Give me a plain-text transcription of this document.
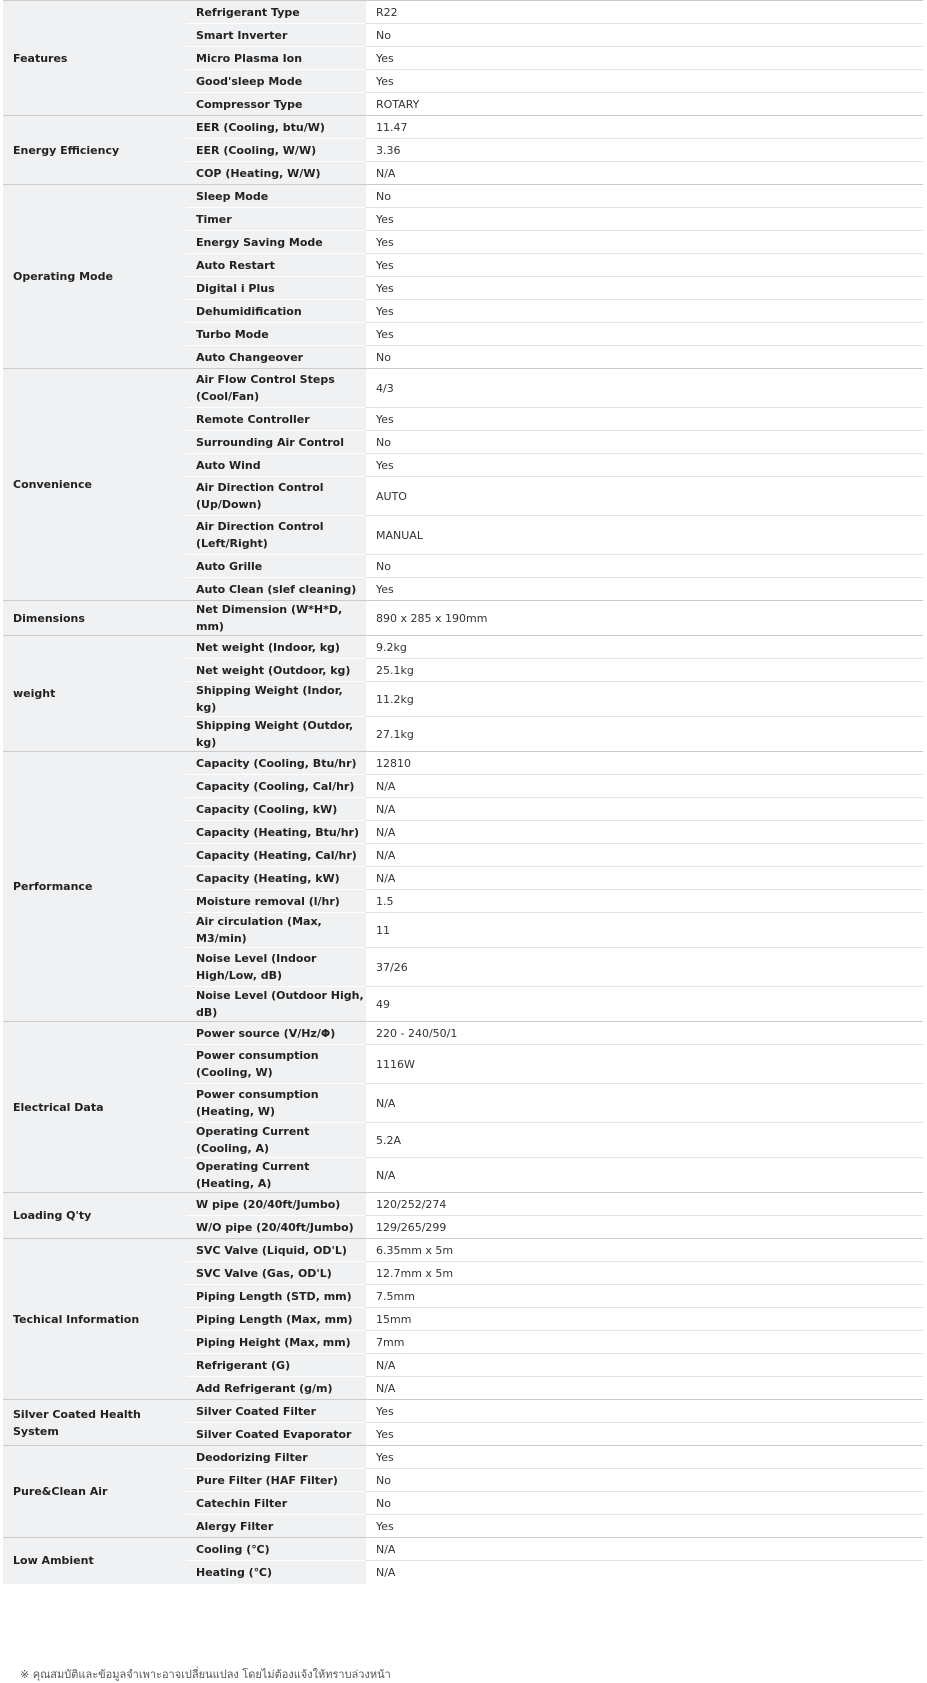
Features	Refrigerant Type	R22
	Smart Inverter	No
	Micro Plasma Ion	Yes
	Good'sleep Mode	Yes
	Compressor Type	ROTARY
Energy Efficiency	EER (Cooling, btu/W)	11.47
	EER (Cooling, W/W)	3.36
	COP (Heating, W/W)	N/A
Operating Mode	Sleep Mode	No
	Timer	Yes
	Energy Saving Mode	Yes
	Auto Restart	Yes
	Digital i Plus	Yes
	Dehumidification	Yes
	Turbo Mode	Yes
	Auto Changeover	No
Convenience	Air Flow Control Steps (Cool/Fan)	4/3
	Remote Controller	Yes
	Surrounding Air Control	No
	Auto Wind	Yes
	Air Direction Control (Up/Down)	AUTO
	Air Direction Control (Left/Right)	MANUAL
	Auto Grille	No
	Auto Clean (slef cleaning)	Yes
Dimensions	Net Dimension (W*H*D, mm)	890 x 285 x 190mm
weight	Net weight (Indoor, kg)	9.2kg
	Net weight (Outdoor, kg)	25.1kg
	Shipping Weight (Indor, kg)	11.2kg
	Shipping Weight (Outdor, kg)	27.1kg
Performance	Capacity (Cooling, Btu/hr)	12810
	Capacity (Cooling, Cal/hr)	N/A
	Capacity (Cooling, kW)	N/A
	Capacity (Heating, Btu/hr)	N/A
	Capacity (Heating, Cal/hr)	N/A
	Capacity (Heating, kW)	N/A
	Moisture removal (l/hr)	1.5
	Air circulation (Max, M3/min)	11
	Noise Level (Indoor High/Low, dB)	37/26
	Noise Level (Outdoor High, dB)	49
Electrical Data	Power source (V/Hz/Φ)	220 - 240/50/1
	Power consumption (Cooling, W)	1116W
	Power consumption (Heating, W)	N/A
	Operating Current (Cooling, A)	5.2A
	Operating Current (Heating, A)	N/A
Loading Q'ty	W pipe (20/40ft/Jumbo)	120/252/274
	W/O pipe (20/40ft/Jumbo)	129/265/299
Techical Information	SVC Valve (Liquid, OD'L)	6.35mm x 5m
	SVC Valve (Gas, OD'L)	12.7mm x 5m
	Piping Length (STD, mm)	7.5mm
	Piping Length (Max, mm)	15mm
	Piping Height (Max, mm)	7mm
	Refrigerant (G)	N/A
	Add Refrigerant (g/m)	N/A
Silver Coated Health System	Silver Coated Filter	Yes
	Silver Coated Evaporator	Yes
Pure&Clean Air	Deodorizing Filter	Yes
	Pure Filter (HAF Filter)	No
	Catechin Filter	No
	Alergy Filter	Yes
Low Ambient	Cooling (℃)	N/A
	Heating (℃)	N/A
※ คุณสมบัติและข้อมูลจำเพาะอาจเปลี่ยนแปลง โดยไม่ต้องแจ้งให้ทราบล่วงหน้า
